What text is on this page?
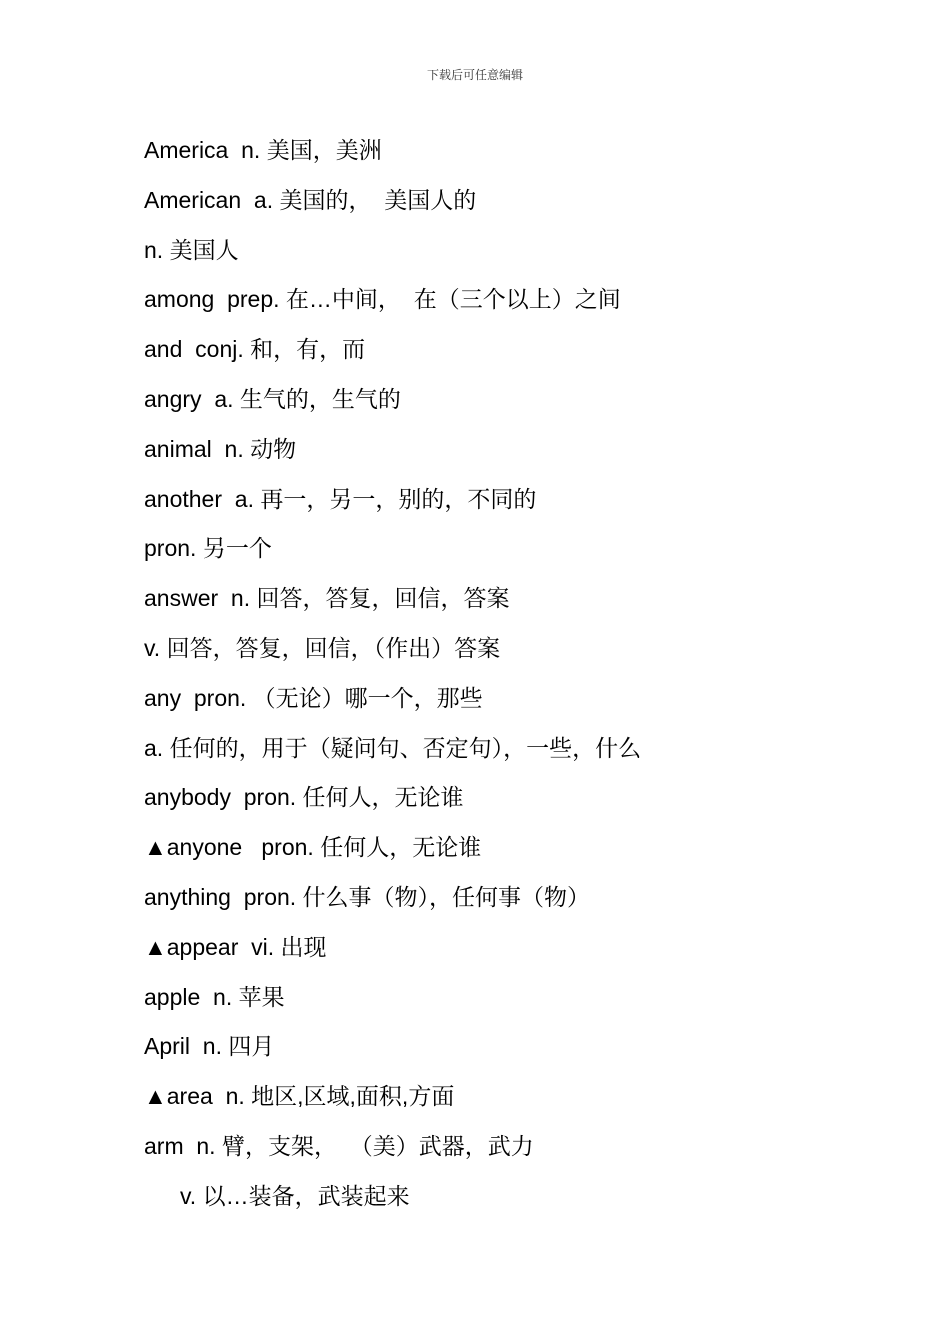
下载后可任意编辑
America  n. 美国，美洲
American  a. 美国的，  美国人的
n. 美国人
among  prep. 在…中间，  在（三个以上）之间
and  conj. 和，有，而
angry  a. 生气的，生气的
animal  n. 动物
another  a. 再一，另一，别的，不同的
pron. 另一个
answer  n. 回答，答复，回信，答案
v. 回答，答复，回信，（作出）答案
any  pron. （无论）哪一个，那些
a. 任何的，用于（疑问句、否定句），一些，什么
anybody  pron. 任何人，无论谁
▲anyone   pron. 任何人，无论谁
anything  pron. 什么事（物），任何事（物）
▲appear  vi. 出现
apple  n. 苹果
April  n. 四月
▲area  n. 地区,区域,面积,方面
arm  n. 臂，支架，  （美）武器，武力
v. 以…装备，武装起来
